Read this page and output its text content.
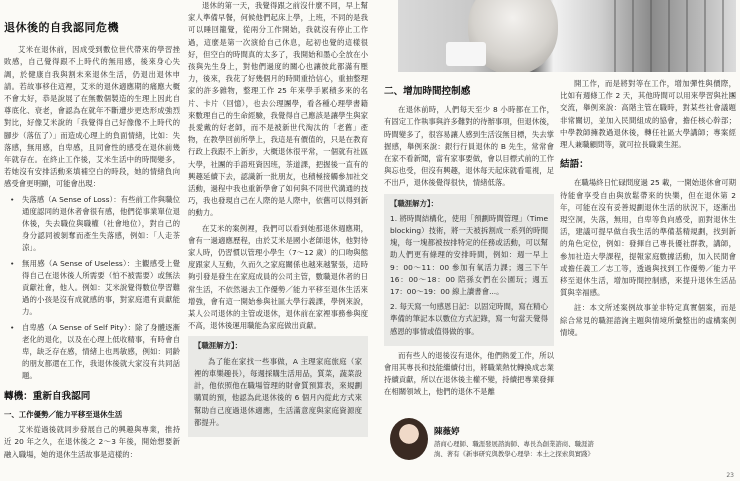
退休後的自我認同危機

艾米在退休前，因成受到數位世代帶來的學習挫敗感，自己覺得跟不上時代的無用感，後來身心失調，於健康自我與割未來退休生活，仍退出退休申請。若故事移住這裡，艾米的退休適應期的痛應大概不會太好，恭是說展了在無數個製造的生理上因此自尊底化、衰老，會認為在就年不斷遭步更迭形成強烈對比，好像艾米說的「我覺得自己好像像不上時代的腳步（落伍了）」而造成心理上的負面情緒，比如：失落感，無用感，自卑感，且同會性的感受在退休前幾年就存在。在終止工作後，艾米生活中的時間變多，若她沒有安排活動來填補空白的時段，她的情緒負向感受會更明顯，可能會出現：

• 失落感（A Sense of Loss）：有些前工作與職位通度認同的退休者會很有感，他們從事業單位退休後，失去職位與職權（社會地位），對自己的身分認同被剝奪而產生失落感，例如：「人走茶涼」。

• 無用感（A Sense of Useless）：主觀感受上覺得自己在退休後人所需要（怕不被需要）或無法貢獻社會，他人。例如：艾米說覺得數位學習難過的小孩是沒有成就感的事，對家庭還有貢獻能力。

• 自卑感（A Sense of Self Pity）：除了身體逐漸老化的退化，以及在心理上低收精事，有時會自卑，缺乏存在感，情緒上也馬敏感，例如：同齡的朋友都還在工作，我退休後就大家沒有共同話題。

轉機：重新自我認同

一、工作優勢／能力平移至退休生活

艾米從過後就同步發展自己的興趣與專業，推持近 20 年之久，在退休後之 2～3 年後，開始想要新融入職場，她的退休生活故事是這樣的：

退休的第一天，我覺得跟之前沒什麼不同，早上幫家人準備早餐，何候他們起床上學，上班，不同的是我可以睡回籠覺，從兩分工作開始，我就沒有停止工作過，這麼是第一次演給自己休息，起初也覺的這樣很好，但空白的時間真的太多了，我開始和墨心全放在小孩與先生身上，對他們過度的關心也讓彼此都滿有壓力，後來，我花了好幾個月的時間重拾信心，重抽整理家的許多雜物，整理工作 25 年來學手累積多來的名片、卡片（回憶），也去公理團學，看各種心理學書籍來數理自己的生命經驗，我覺得自己應該是讓學生與家長愛戴的好老師，而不是被新世代淘汰的「老舊」產物，在教學回前所學上，我這是有價值的，只是在教育行政上我跟不上新步，大概退休很平常，一個就有社區大學，社團的手語班資因班，茶道課，把握後一直有的興趣延續下去，認識新一批朋友，也積極接觸參加社交活動，過程中我也重新學會了如何與不同世代溝通的技巧，我也發現自己在人際的是人際中，依舊可以得到新的動力。

在艾米的案例裡，我們可以看到她那退休週應期，會有一過適應歷程，由於艾米是國小老師退休，他對待家人時，仍習慣以管理小學生（7～12 歲）的口吻與態度跟家人互動，久而久之家庭關係也越來越緊張，這時夠引發是發生在家庭成員的公司主管，數職退休者的日常生活，不依然過去工作優勢／能力平移至退休生活來增強，會有這一開始參與社區大學行義課，學例來說，某人公司退休的主管或退休，退休前在家裡事務參與度不高，退休後運用職能為家庭做出貢獻。

【職涯解方】：

為了能在家找一些事做，A 主理家庭旅庭（家裡的車樂趣長），每週採購生活用品，質菜，蔬菜設計，他依照他在職場管理的財會質預算表，來規劃購買的預，他認為此退休後的 6 個月內從此方式來幫助自己度過退休適應，生活滿意度與家庭資源度都提升。

二、增加時間控制感

在退休前時，人們每天至少 8 小時都在工作，有固定工作執事與許多難對的待辦事項，但退休後，時間變多了，很容易讓人感到生活沒無目標，失去掌握感，舉例來說：銀行行員退休的 B 先生，常常會在家不看新聞，當有家事要做，會以目標式前的工作與忘也受，但沒有興趣，退休每天起床就看電視，足不出戶，退休後覺得很快，情緒低落。

【職涯解方】：

1. 將時間結構化，使用「預劃時間管理」（Time blocking）技術，將一天被拆割成一系列的時間塊，每一塊都被按排特定的任務或活動，可以幫助人們更有條理的安排時間，例如：週一早上 9：00～11：00 參加有氧活力課；週三下午 16：00～18：00 陪孫女們在公園玩；週五 17：00～19：00 線上讀書會...。

2. 每天寫一句感恩日記：以固定時間，寫在精心準備的筆記本以數位方式記錄，寫一句當天覺得感恩的事情或值得做的事。

而有些人的退後沒有退休，他們熱愛工作，所以會用其專長和技能繼續付出，將職業熱忱轉換成志業持續貢獻，所以在退休後主權不變，持續把專業發揮在相關領域上，他們的退休不是離

開工作，而是將對等在工作，增加彈性與價際，比如有週條工作 2 天，其他時間可以用來學習與社團交流，舉例來說：高階主管在職時，對某些社會議題非常關切，並加入民間組成的協會，擔任核心幹部；中學教師擁教過退休後，轉任社區大學講師；專案經理人兼職顧問等，就可拉長職業生涯。

結語：

在職場終日忙碌問度過 25 載，一開始退休會可期待能會享受自由與放鬆帶來的快樂，但在退休第 2 年，可能在沒有妥善規劃退休生活的狀況下，逐漸出現空洞，失落，無用，自卑等負向感受，面對退休生活，建議可提早做自我生活的準備基精規劃，找到新的角色定位，例如：發揮自己專長優社群教，講師，參加社造大學課程，提報家庭數據活動，加入民間會或擔任義工／志工等，透過與找到工作優勢／能力平移至退休生活，增加時間控制感，來提升退休生活品質與幸福感。

註：本文所述案例故事並非特定真實個案，而是綜合常見的職涯諮詢主題與情境所彙整出的虛構案例情境。

陳薇婷
諮商心理師、職涯發展諮詢師、專長為創業諮商、職涯諮詢、著有《新事研究與教學心理學：本土之探索與實踐》
23
